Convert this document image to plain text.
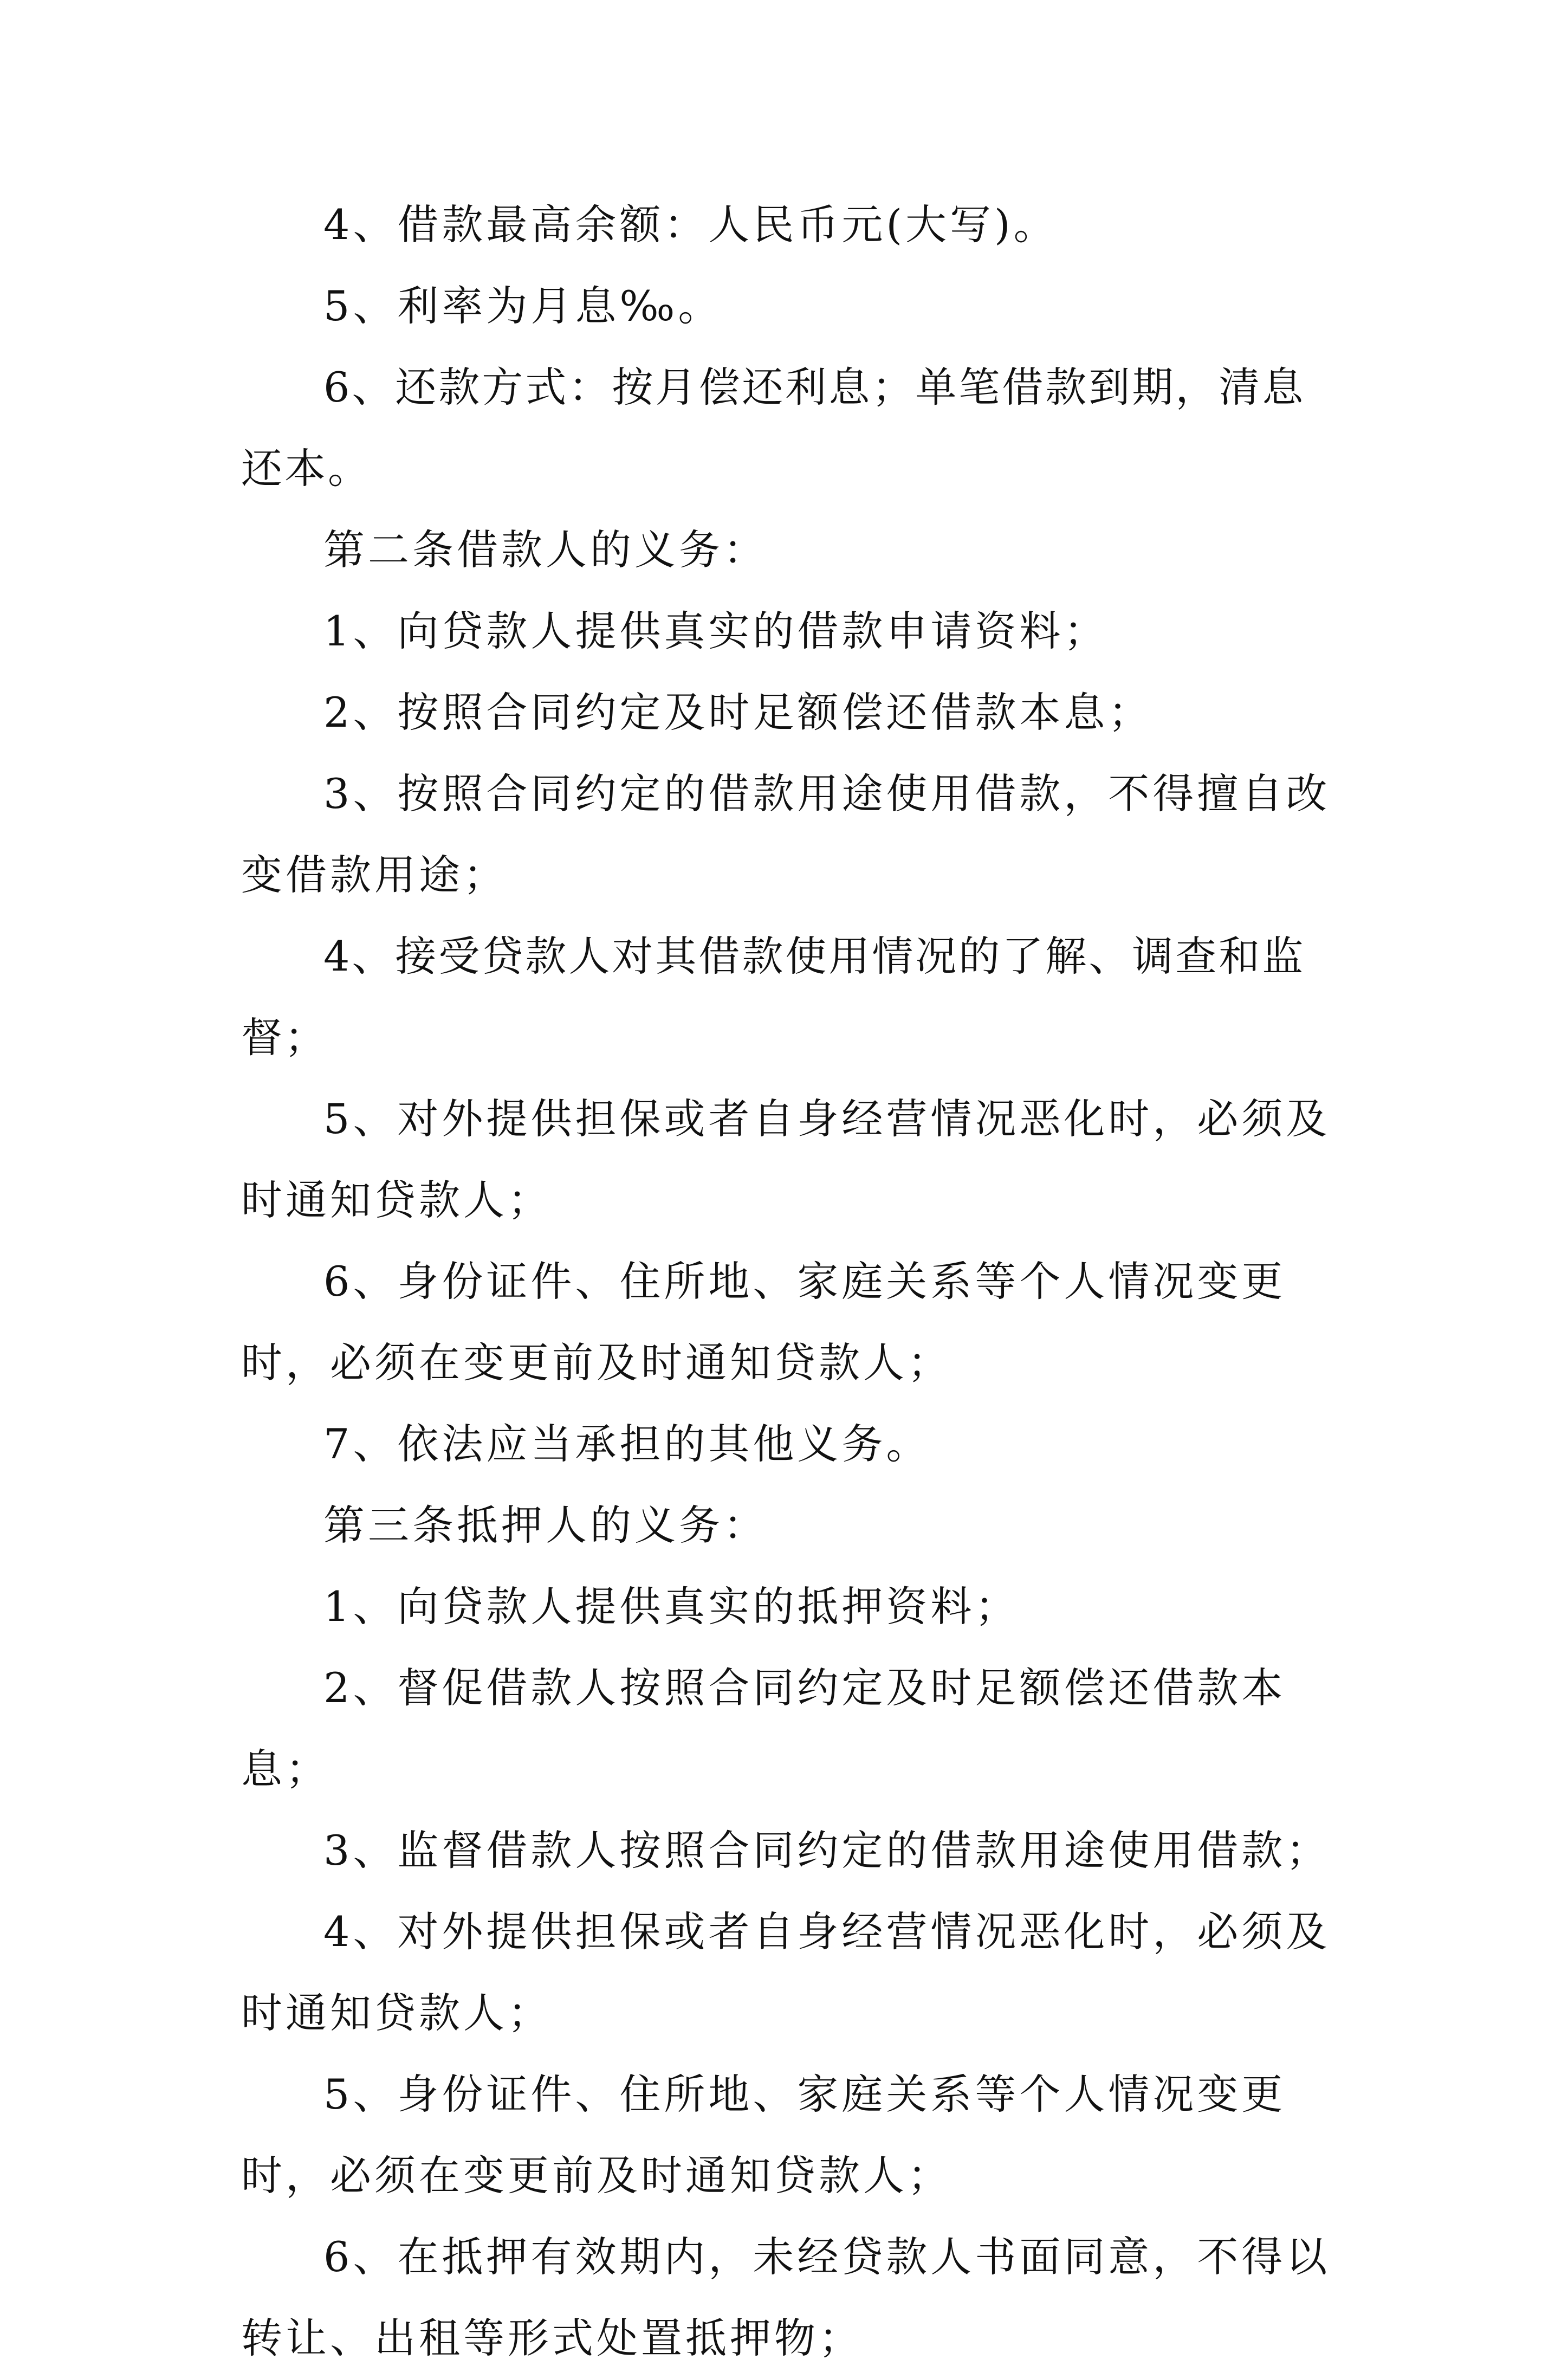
4、借款最高余额：人民币元(大写)。

5、利率为月息‰。

6、还款方式：按月偿还利息；单笔借款到期，清息还本。

第二条借款人的义务：

1、向贷款人提供真实的借款申请资料；

2、按照合同约定及时足额偿还借款本息；

3、按照合同约定的借款用途使用借款，不得擅自改变借款用途；

4、接受贷款人对其借款使用情况的了解、调查和监督；

5、对外提供担保或者自身经营情况恶化时，必须及时通知贷款人；

6、身份证件、住所地、家庭关系等个人情况变更时，必须在变更前及时通知贷款人；

7、依法应当承担的其他义务。

第三条抵押人的义务：

1、向贷款人提供真实的抵押资料；

2、督促借款人按照合同约定及时足额偿还借款本息；

3、监督借款人按照合同约定的借款用途使用借款；

4、对外提供担保或者自身经营情况恶化时，必须及时通知贷款人；

5、身份证件、住所地、家庭关系等个人情况变更时，必须在变更前及时通知贷款人；

6、在抵押有效期内，未经贷款人书面同意，不得以转让、出租等形式处置抵押物；
